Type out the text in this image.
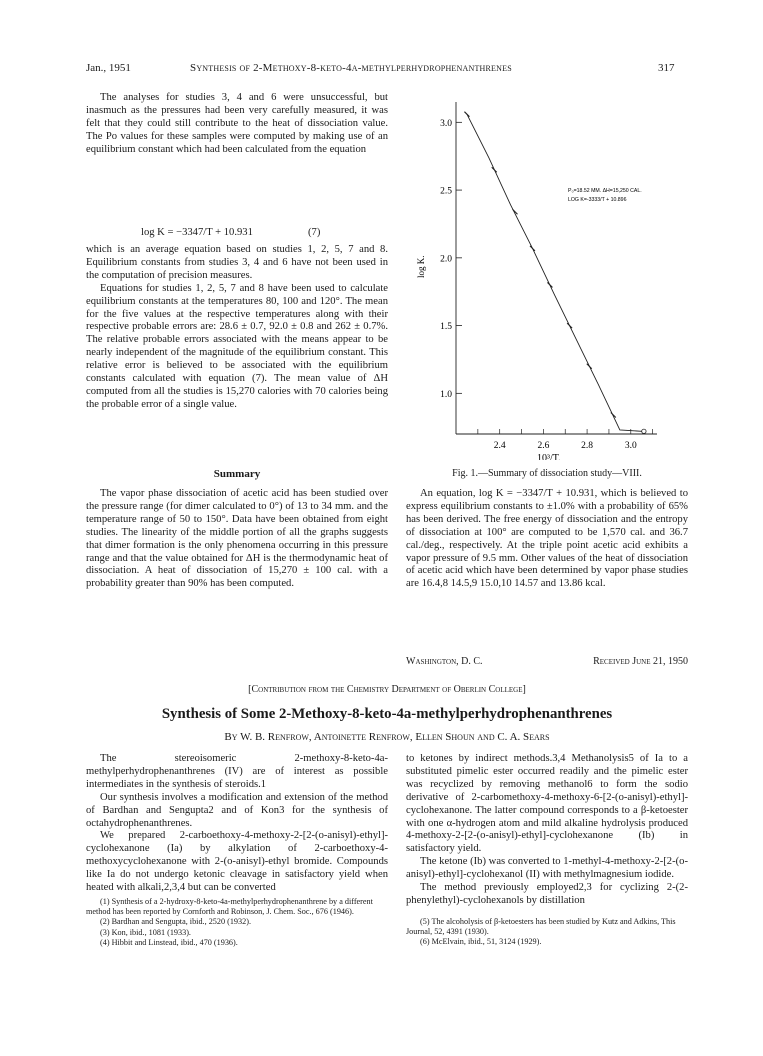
Jan., 1951	Synthesis of 2-Methoxy-8-keto-4a-methylperhydrophenanthrenes	317

The analyses for studies 3, 4 and 6 were unsuccessful, but inasmuch as the pressures had been very carefully measured, it was felt that they could still contribute to the heat of dissociation value. The Po values for these samples were computed by making use of an equilibrium constant which had been calculated from the equation

log K = −3347/T + 10.931	(7)

which is an average equation based on studies 1, 2, 5, 7 and 8. Equilibrium constants from studies 3, 4 and 6 have not been used in the computation of precision measures.

Equations for studies 1, 2, 5, 7 and 8 have been used to calculate equilibrium constants at the temperatures 80, 100 and 120°. The mean for the five values at the respective temperatures along with their respective probable errors are: 28.6 ± 0.7, 92.0 ± 0.8 and 262 ± 0.7%. The relative probable errors associated with the means appear to be nearly independent of the magnitude of the equilibrium constant. This relative error is believed to be associated with the equilibrium constants calculated with equation (7). The mean value of ΔH computed from all the studies is 15,270 calories with 70 calories being the probable error of a single value.

1.0
1.5
2.0
2.5
3.0
2.4	2.6	2.8	3.0
P₀=18.52 MM. ΔH=15,250 CAL.
LOG K=-3333/T + 10.896
log K.
10³/T.
Fig. 1.—Summary of dissociation study—VIII.
Summary

The vapor phase dissociation of acetic acid has been studied over the pressure range (for dimer calculated to 0°) of 13 to 34 mm. and the temperature range of 50 to 150°. Data have been obtained from eight studies. The linearity of the middle portion of all the graphs suggests that dimer formation is the only phenomena occurring in this pressure range and that the value obtained for ΔH is the thermodynamic heat of dissociation. A heat of dissociation of 15,270 ± 100 cal. with a probability greater than 90% has been computed.

An equation, log K = −3347/T + 10.931, which is believed to express equilibrium constants to ±1.0% with a probability of 65% has been derived. The free energy of dissociation and the entropy of dissociation at 100° are computed to be 1,570 cal. and 36.7 cal./deg., respectively. At the triple point acetic acid exhibits a vapor pressure of 9.5 mm. Other values of the heat of dissociation of acetic acid which have been determined by vapor phase studies are 16.4,8 14.5,9 15.0,10 14.57 and 13.86 kcal.

Washington, D. C.	Received June 21, 1950
[Contribution from the Chemistry Department of Oberlin College]
Synthesis of Some 2-Methoxy-8-keto-4a-methylperhydrophenanthrenes
By W. B. Renfrow, Antoinette Renfrow, Ellen Shoun and C. A. Sears

The stereoisomeric 2-methoxy-8-keto-4a-methylperhydrophenanthrenes (IV) are of interest as possible intermediates in the synthesis of steroids.1

Our synthesis involves a modification and extension of the method of Bardhan and Sengupta2 and of Kon3 for the synthesis of octahydrophenanthrenes.

We prepared 2-carboethoxy-4-methoxy-2-[2-(o-anisyl)-ethyl]-cyclohexanone (Ia) by alkylation of 2-carboethoxy-4-methoxycyclohexanone with 2-(o-anisyl)-ethyl bromide. Compounds like Ia do not undergo ketonic cleavage in satisfactory yield when heated with alkali,2,3,4 but can be converted

(1) Synthesis of a 2-hydroxy-8-keto-4a-methylperhydrophenanthrene by a different method has been reported by Cornforth and Robinson, J. Chem. Soc., 676 (1946).

(2) Bardhan and Sengupta, ibid., 2520 (1932).

(3) Kon, ibid., 1081 (1933).

(4) Hibbit and Linstead, ibid., 470 (1936).

to ketones by indirect methods.3,4 Methanolysis5 of Ia to a substituted pimelic ester occurred readily and the pimelic ester was recyclized by removing methanol6 to form the sodio derivative of 2-carbomethoxy-4-methoxy-6-[2-(o-anisyl)-ethyl]-cyclohexanone. The latter compound corresponds to a β-ketoester with one α-hydrogen atom and mild alkaline hydrolysis produced 4-methoxy-2-[2-(o-anisyl)-ethyl]-cyclohexanone (Ib) in satisfactory yield.

The ketone (Ib) was converted to 1-methyl-4-methoxy-2-[2-(o-anisyl)-ethyl]-cyclohexanol (II) with methylmagnesium iodide.

The method previously employed2,3 for cyclizing 2-(2-phenylethyl)-cyclohexanols by distillation

(5) The alcoholysis of β-ketoesters has been studied by Kutz and Adkins, This Journal, 52, 4391 (1930).

(6) McElvain, ibid., 51, 3124 (1929).
